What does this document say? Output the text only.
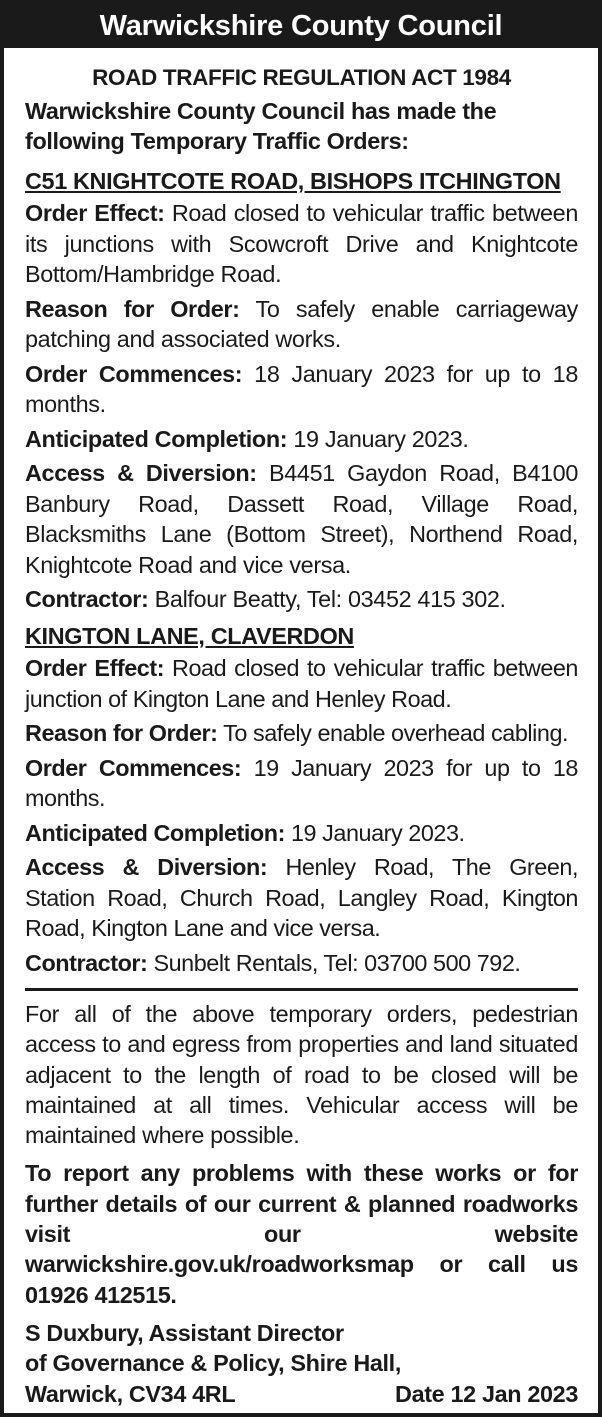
Warwickshire County Council
ROAD TRAFFIC REGULATION ACT 1984
Warwickshire County Council has made the following Temporary Traffic Orders:
C51 KNIGHTCOTE ROAD, BISHOPS ITCHINGTON
Order Effect: Road closed to vehicular traffic between its junctions with Scowcroft Drive and Knightcote Bottom/Hambridge Road.
Reason for Order: To safely enable carriageway patching and associated works.
Order Commences: 18 January 2023 for up to 18 months.
Anticipated Completion: 19 January 2023.
Access & Diversion: B4451 Gaydon Road, B4100 Banbury Road, Dassett Road, Village Road, Blacksmiths Lane (Bottom Street), Northend Road, Knightcote Road and vice versa.
Contractor: Balfour Beatty, Tel: 03452 415 302.
KINGTON LANE, CLAVERDON
Order Effect: Road closed to vehicular traffic between junction of Kington Lane and Henley Road.
Reason for Order: To safely enable overhead cabling.
Order Commences: 19 January 2023 for up to 18 months.
Anticipated Completion: 19 January 2023.
Access & Diversion: Henley Road, The Green, Station Road, Church Road, Langley Road, Kington Road, Kington Lane and vice versa.
Contractor: Sunbelt Rentals, Tel: 03700 500 792.
For all of the above temporary orders, pedestrian access to and egress from properties and land situated adjacent to the length of road to be closed will be maintained at all times. Vehicular access will be maintained where possible.
To report any problems with these works or for further details of our current & planned roadworks visit our website warwickshire.gov.uk/roadworksmap or call us 01926 412515.
S Duxbury, Assistant Director
of Governance & Policy, Shire Hall,
Warwick, CV34 4RL	Date 12 Jan 2023
